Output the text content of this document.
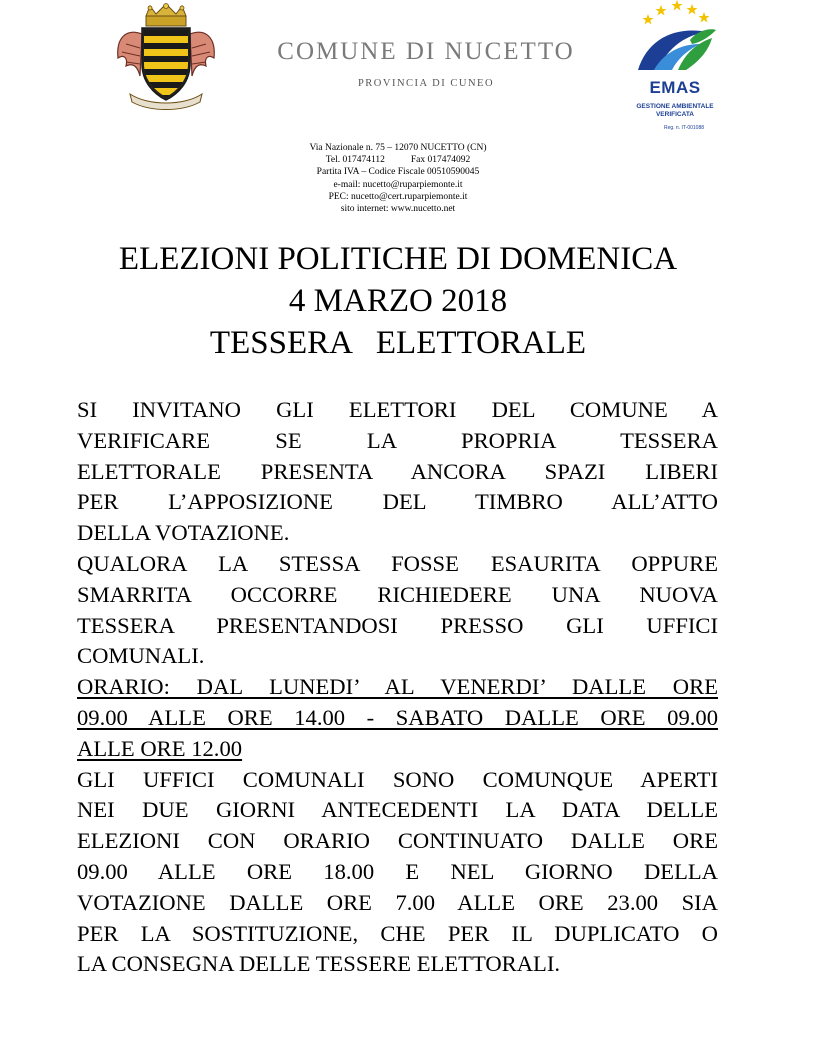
COMUNE DI NUCETTO
PROVINCIA DI CUNEO	EMAS
GESTIONE AMBIENTALE
VERIFICATA
Reg. n. IT-001088
Via Nazionale n. 75 – 12070 NUCETTO (CN)
Tel. 017474112	Fax 017474092
Partita IVA – Codice Fiscale 00510590045
e-mail: nucetto@ruparpiemonte.it
PEC: nucetto@cert.ruparpiemonte.it
sito internet: www.nucetto.net
ELEZIONI POLITICHE DI DOMENICA
4 MARZO 2018
TESSERA   ELETTORALE
SI INVITANO GLI ELETTORI DEL COMUNE A
VERIFICARE SE LA PROPRIA TESSERA
ELETTORALE PRESENTA ANCORA SPAZI LIBERI
PER L’APPOSIZIONE DEL TIMBRO ALL’ATTO
DELLA VOTAZIONE.
QUALORA LA STESSA FOSSE ESAURITA OPPURE
SMARRITA OCCORRE RICHIEDERE UNA NUOVA
TESSERA PRESENTANDOSI PRESSO GLI UFFICI
COMUNALI.
ORARIO: DAL LUNEDI’ AL VENERDI’ DALLE ORE
09.00 ALLE ORE 14.00 - SABATO DALLE ORE 09.00
ALLE ORE 12.00
GLI UFFICI COMUNALI SONO COMUNQUE APERTI
NEI DUE GIORNI ANTECEDENTI LA DATA DELLE
ELEZIONI CON ORARIO CONTINUATO DALLE ORE
09.00 ALLE ORE 18.00 E NEL GIORNO DELLA
VOTAZIONE DALLE ORE 7.00 ALLE ORE 23.00 SIA
PER LA SOSTITUZIONE, CHE PER IL DUPLICATO O
LA CONSEGNA DELLE TESSERE ELETTORALI.
